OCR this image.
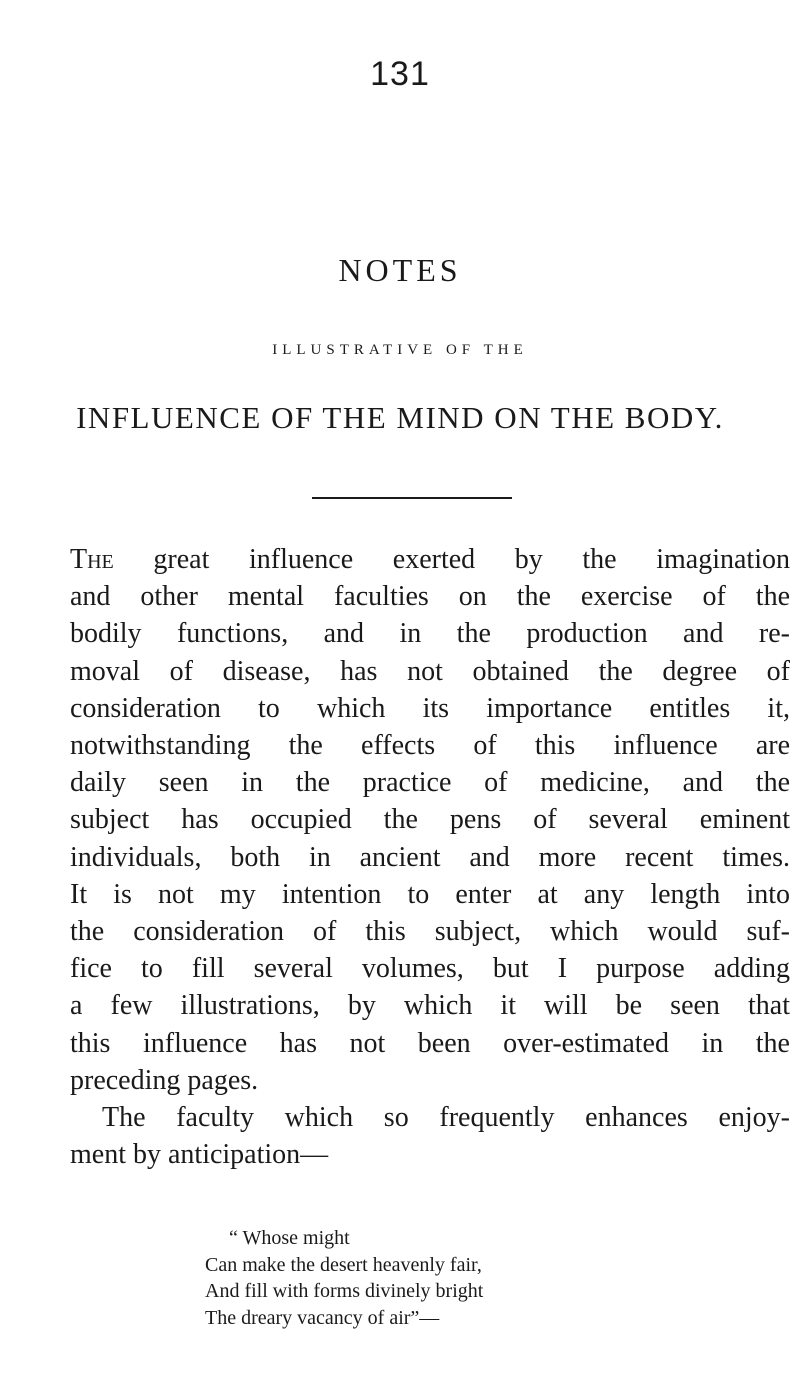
131
NOTES
ILLUSTRATIVE OF THE
INFLUENCE OF THE MIND ON THE BODY.
The great influence exerted by the imagination
and other mental faculties on the exercise of the
bodily functions, and in the production and re-
moval of disease, has not obtained the degree of
consideration to which its importance entitles it,
notwithstanding the effects of this influence are
daily seen in the practice of medicine, and the
subject has occupied the pens of several eminent
individuals, both in ancient and more recent times.
It is not my intention to enter at any length into
the consideration of this subject, which would suf-
fice to fill several volumes, but I purpose adding
a few illustrations, by which it will be seen that
this influence has not been over-estimated in the
preceding pages.
The faculty which so frequently enhances enjoy-
ment by anticipation—
“ Whose might
Can make the desert heavenly fair,
And fill with forms divinely bright
The dreary vacancy of air”—
